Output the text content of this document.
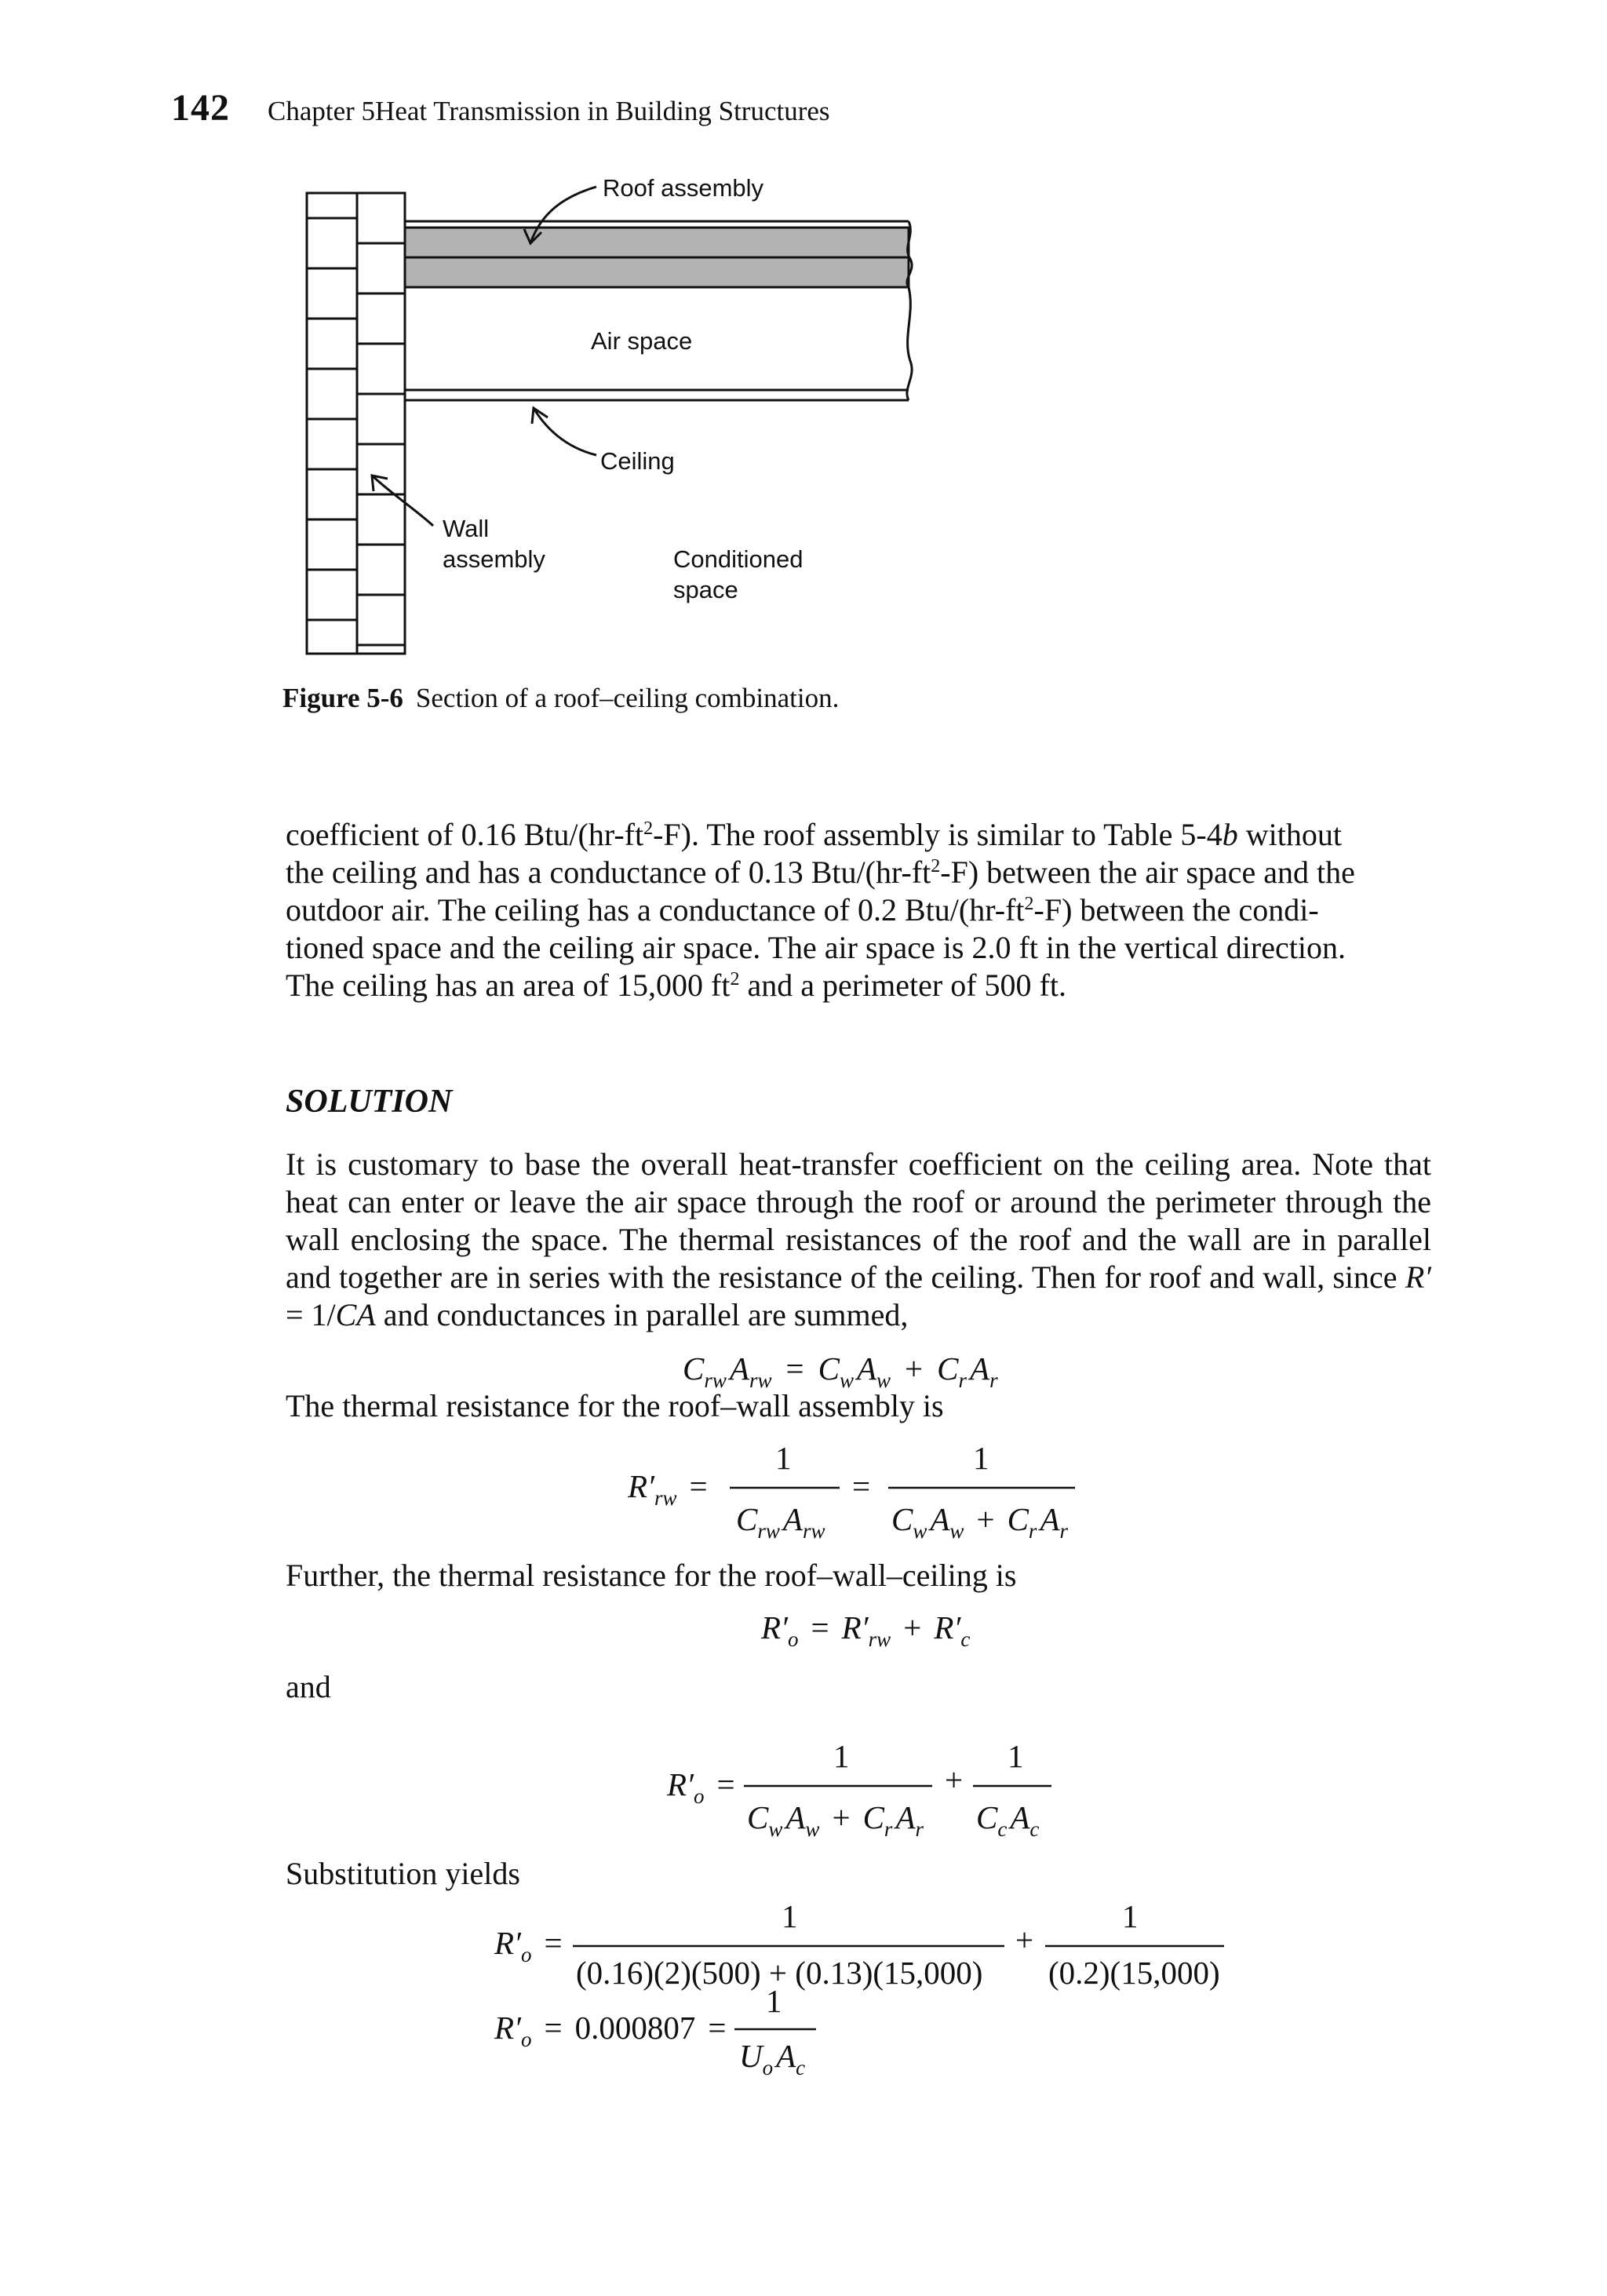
142 Chapter 5Heat Transmission in Building Structures
Roof assembly
Air space
Ceiling
Wall
assembly	Conditioned
space
Figure 5-6 Section of a roof–ceiling combination.
coefficient of 0.16 Btu/$(hr-ft^2-F)$. The roof assembly is similar to Table 5-4b without
the ceiling and has a conductance of 0.13 Btu/$(hr-ft^2-F)$ between the air space and the
outdoor air. The ceiling has a conductance of 0.2 Btu/$(hr-ft^2-F)$ between the condi-
tioned space and the ceiling air space. The air space is 2.0 ft in the vertical direction.
The ceiling has an area of 15,000 $ft^2$ and a perimeter of 500 ft.
SOLUTION
It is customary to base the overall heat-transfer coefficient on the ceiling area. Note that heat can enter or leave the air space through the roof or around the perimeter through the wall enclosing the space. The thermal resistances of the roof and the wall are in parallel and together are in series with the resistance of the ceiling. Then for roof and wall, since R′ = 1/CA and conductances in parallel are summed,
$C_{rw}A_{rw} = C_wA_w + C_rA_r$
The thermal resistance for the roof–wall assembly is
$R'_{rw}$ =
1
$C_{rw}A_{rw}$
=
1
$C_wA_w + C_rA_r$
Further, the thermal resistance for the roof–wall–ceiling is
$R'_o = R'_{rw} + R'_c$
and
$R'_o$ =
1
$C_wA_w + C_rA_r$
+
1
$C_cA_c$
Substitution yields
$R'_o$ =
1
(0.16)(2)(500) + (0.13)(15,000)
+
1
(0.2)(15,000)
$R'_o = 0.000807$ =
1
$U_oA_c$
